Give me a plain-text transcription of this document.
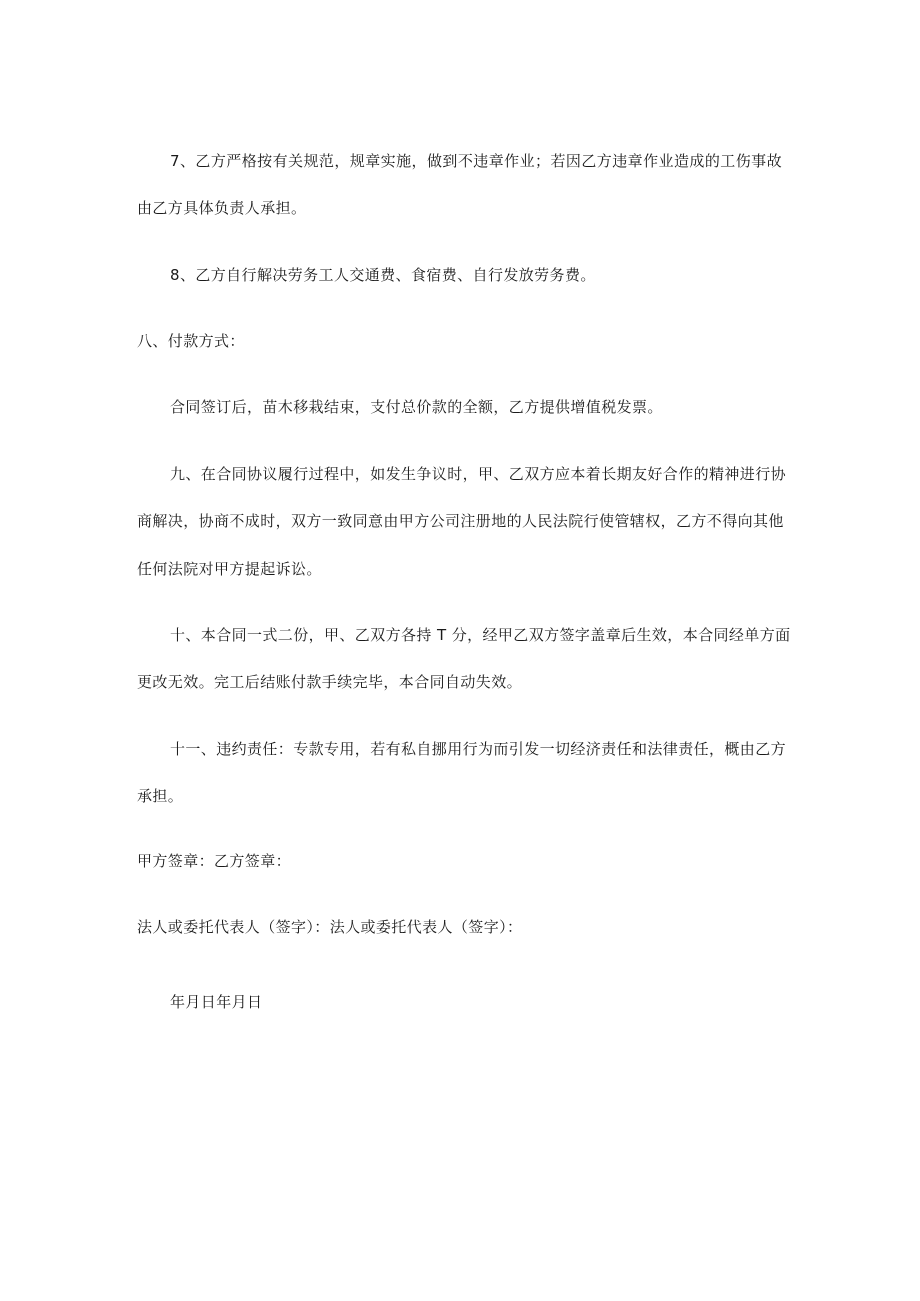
7、乙方严格按有关规范，规章实施，做到不违章作业；若因乙方违章作业造成的工伤事故
由乙方具体负责人承担。
8、乙方自行解决劳务工人交通费、食宿费、自行发放劳务费。
八、付款方式：
合同签订后，苗木移栽结束，支付总价款的全额，乙方提供增值税发票。
九、在合同协议履行过程中，如发生争议时，甲、乙双方应本着长期友好合作的精神进行协
商解决，协商不成时，双方一致同意由甲方公司注册地的人民法院行使管辖权，乙方不得向其他
任何法院对甲方提起诉讼。
十、本合同一式二份，甲、乙双方各持 T 分，经甲乙双方签字盖章后生效，本合同经单方面
更改无效。完工后结账付款手续完毕，本合同自动失效。
十一、违约责任：专款专用，若有私自挪用行为而引发一切经济责任和法律责任，概由乙方
承担。
甲方签章：乙方签章：
法人或委托代表人（签字）：法人或委托代表人（签字）：
年月日年月日
